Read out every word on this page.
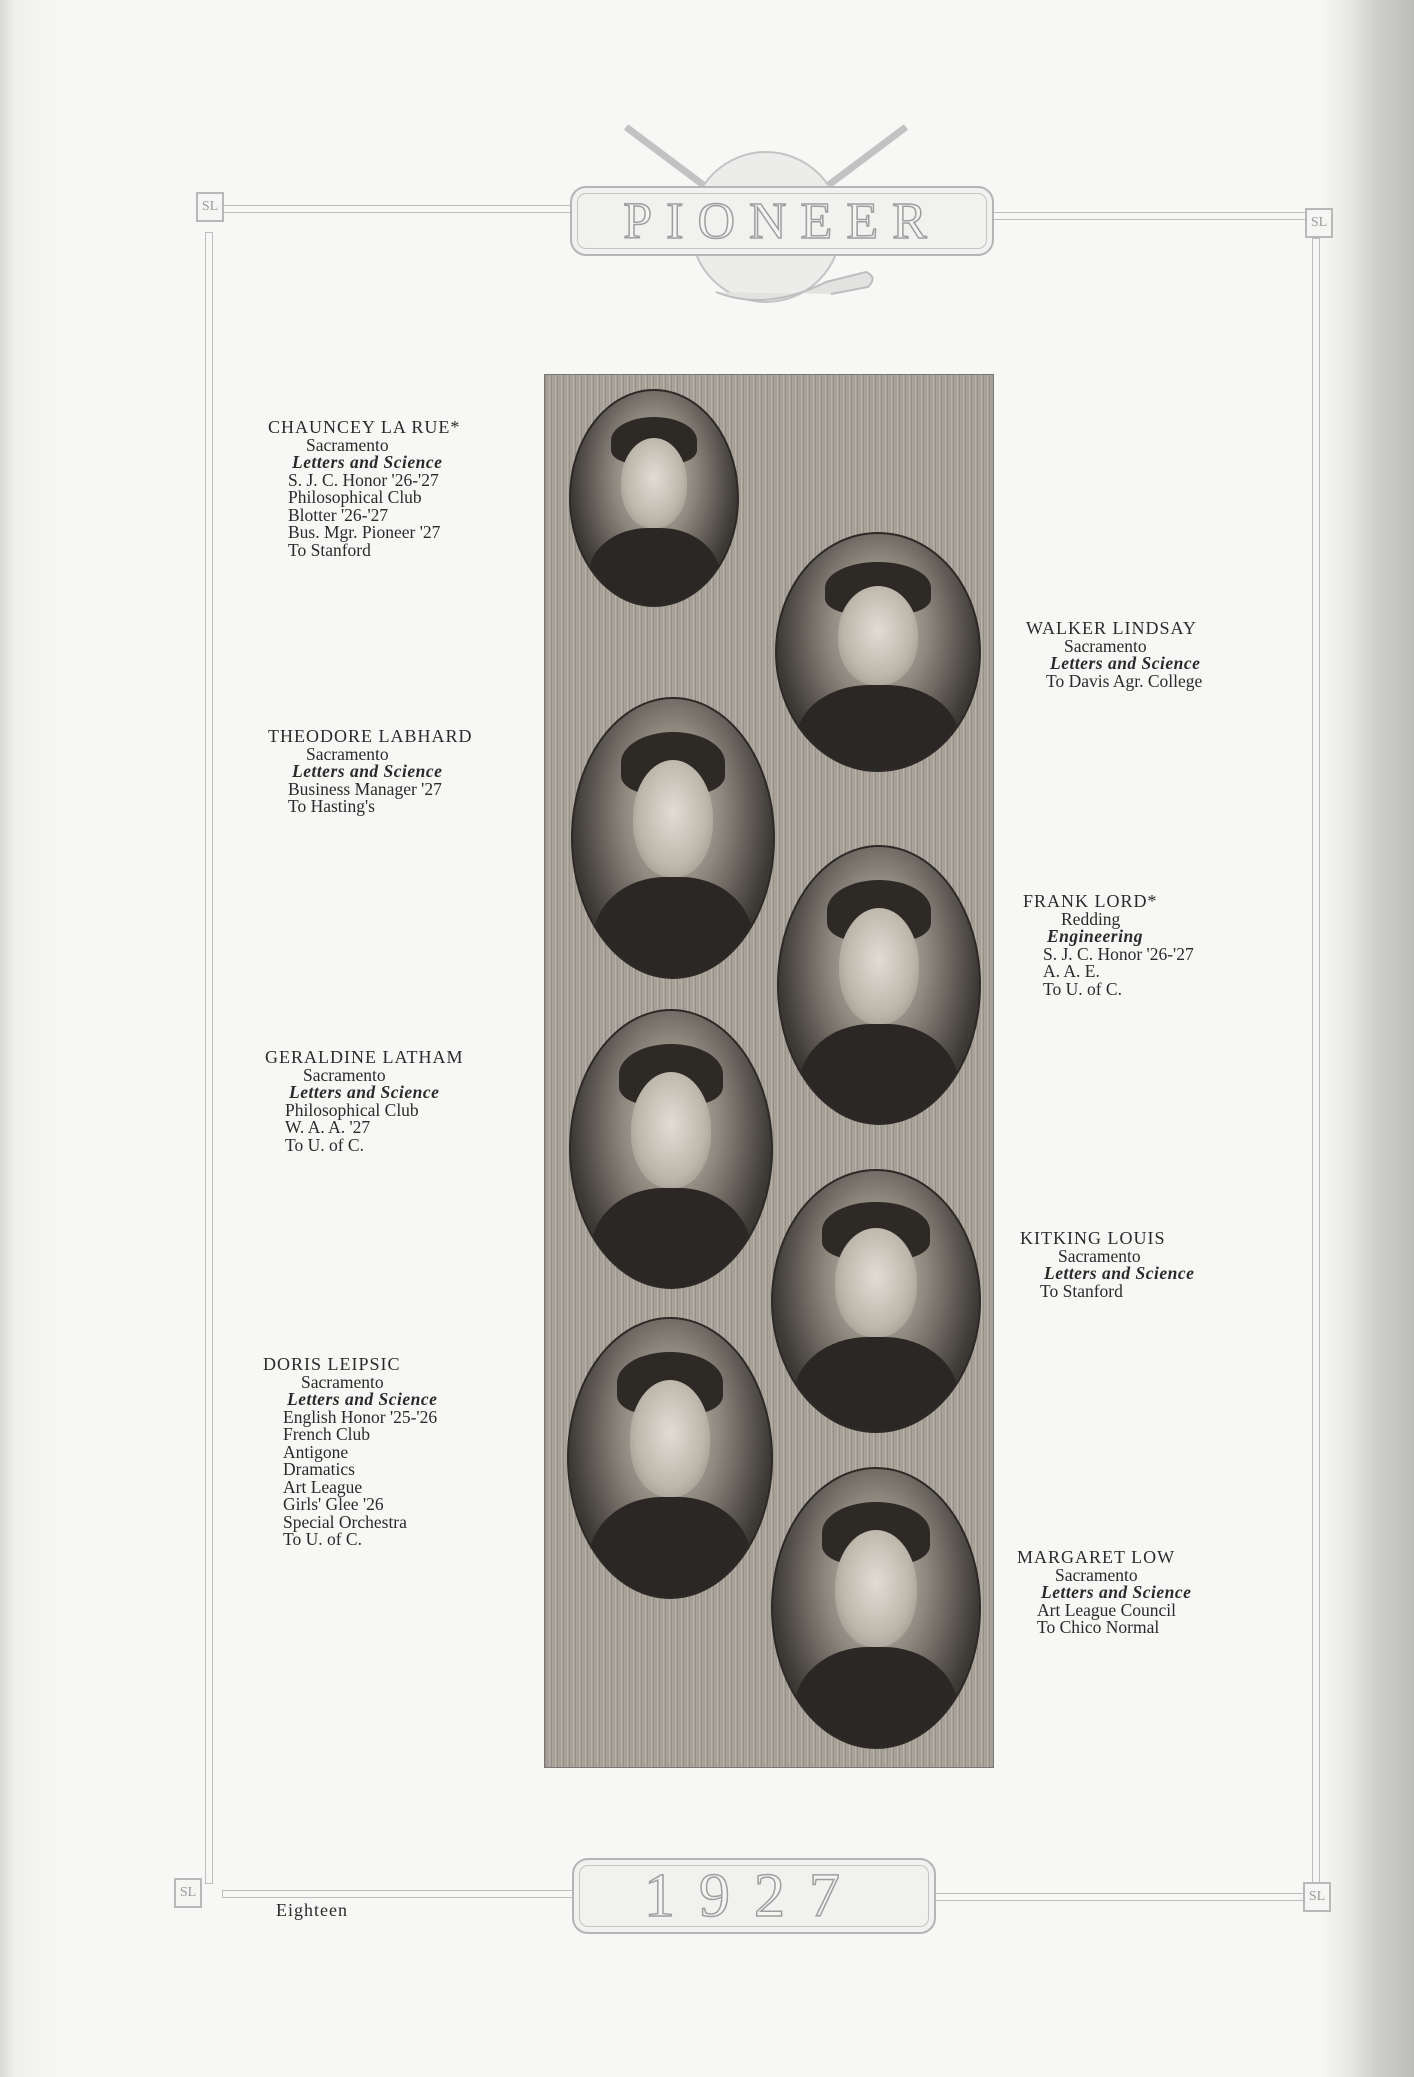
SL
SL
SL	SL
PIONEER
1927
CHAUNCEY LA RUE*
Sacramento
Letters and Science
S. J. C. Honor '26-'27
Philosophical Club
Blotter '26-'27
Bus. Mgr. Pioneer '27
To Stanford
THEODORE LABHARD
Sacramento
Letters and Science
Business Manager '27
To Hasting's
GERALDINE LATHAM
Sacramento
Letters and Science
Philosophical Club
W. A. A. '27
To U. of C.
DORIS LEIPSIC
Sacramento
Letters and Science
English Honor '25-'26
French Club
Antigone
Dramatics
Art League
Girls' Glee '26
Special Orchestra
To U. of C.
WALKER LINDSAY
Sacramento
Letters and Science
To Davis Agr. College
FRANK LORD*
Redding
Engineering
S. J. C. Honor '26-'27
A. A. E.
To U. of C.
KITKING LOUIS
Sacramento
Letters and Science
To Stanford
MARGARET LOW
Sacramento
Letters and Science
Art League Council
To Chico Normal
Eighteen
